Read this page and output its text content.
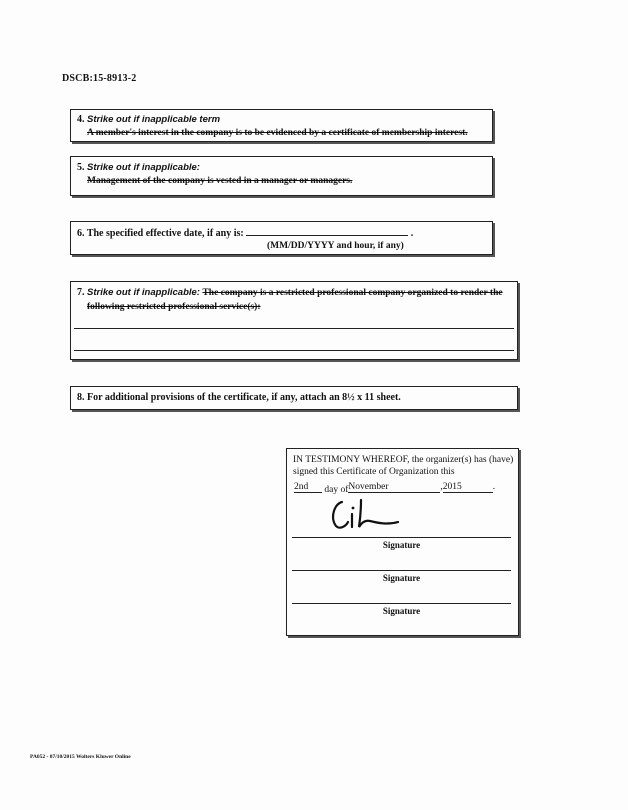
DSCB:15-8913-2
4. Strike out if inapplicable term
A member's interest in the company is to be evidenced by a certificate of membership interest.
5. Strike out if inapplicable:
Management of the company is vested in a manager or managers.
6. The specified effective date, if any is:	.
(MM/DD/YYYY and hour, if any)
7. Strike out if inapplicable: The company is a restricted professional company organized to render the
following restricted professional service(s):
8. For additional provisions of the certificate, if any, attach an 8½ x 11 sheet.
IN TESTIMONY WHEREOF, the organizer(s) has (have)
signed this Certificate of Organization this
2nd day ofNovember	,2015	.
Signature
Signature
Signature
PA052 - 07/10/2015 Wolters Kluwer Online
